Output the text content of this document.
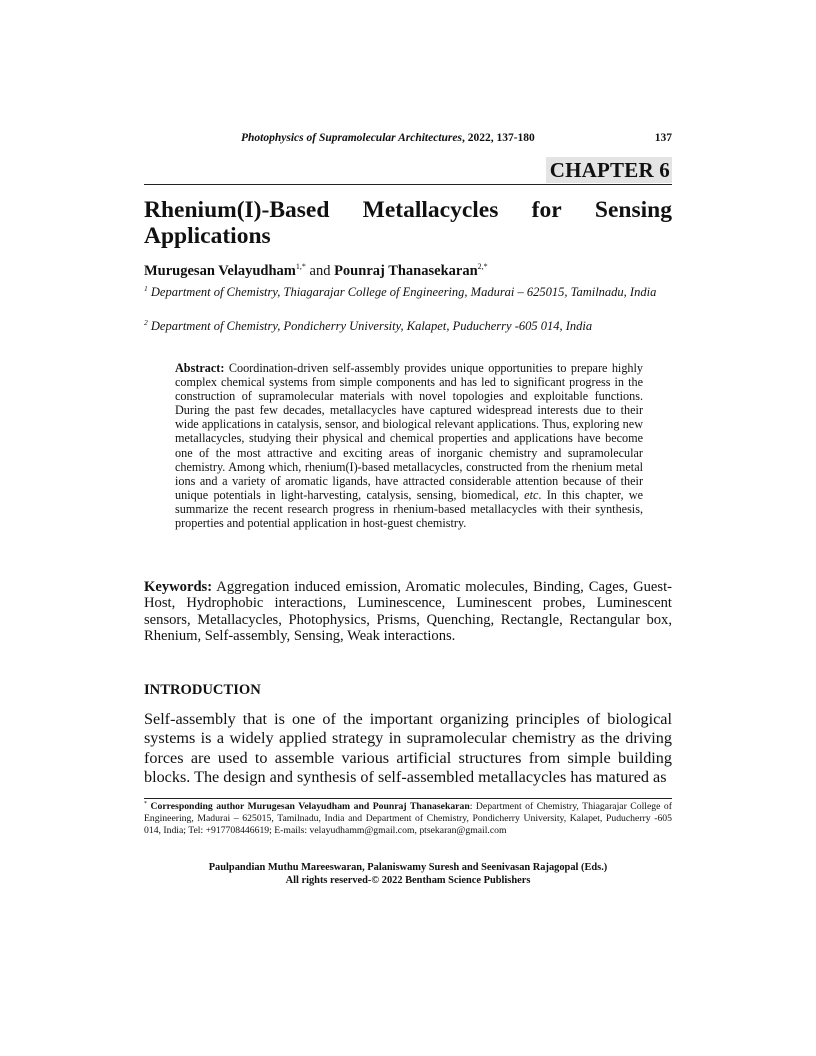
Photophysics of Supramolecular Architectures, 2022, 137-180	137
CHAPTER 6
Rhenium(I)-Based Metallacycles for Sensing
Applications
Murugesan Velayudham$^{1,*}$ and Pounraj Thanasekaran$^{2,*}$
$^1$ Department of Chemistry, Thiagarajar College of Engineering, Madurai – 625015, Tamilnadu, India
$^2$ Department of Chemistry, Pondicherry University, Kalapet, Puducherry -605 014, India
Abstract: Coordination-driven self-assembly provides unique opportunities to prepare highly complex chemical systems from simple components and has led to significant progress in the construction of supramolecular materials with novel topologies and exploitable functions. During the past few decades, metallacycles have captured widespread interests due to their wide applications in catalysis, sensor, and biological relevant applications. Thus, exploring new metallacycles, studying their physical and chemical properties and applications have become one of the most attractive and exciting areas of inorganic chemistry and supramolecular chemistry. Among which, rhenium(I)-based metallacycles, constructed from the rhenium metal ions and a variety of aromatic ligands, have attracted considerable attention because of their unique potentials in light-harvesting, catalysis, sensing, biomedical, etc. In this chapter, we summarize the recent research progress in rhenium-based metallacycles with their synthesis, properties and potential application in host-guest chemistry.
Keywords: Aggregation induced emission, Aromatic molecules, Binding, Cages, Guest-Host, Hydrophobic interactions, Luminescence, Luminescent probes, Luminescent sensors, Metallacycles, Photophysics, Prisms, Quenching, Rectangle, Rectangular box, Rhenium, Self-assembly, Sensing, Weak interactions.
INTRODUCTION
Self-assembly that is one of the important organizing principles of biological systems is a widely applied strategy in supramolecular chemistry as the driving forces are used to assemble various artificial structures from simple building blocks. The design and synthesis of self-assembled metallacycles has matured as
* Corresponding author Murugesan Velayudham and Pounraj Thanasekaran: Department of Chemistry, Thiagarajar College of Engineering, Madurai – 625015, Tamilnadu, India and Department of Chemistry, Pondicherry University, Kalapet, Puducherry -605 014, India; Tel: +917708446619; E-mails: velayudhamm@gmail.com, ptsekaran@gmail.com
Paulpandian Muthu Mareeswaran, Palaniswamy Suresh and Seenivasan Rajagopal (Eds.)
All rights reserved-© 2022 Bentham Science Publishers
